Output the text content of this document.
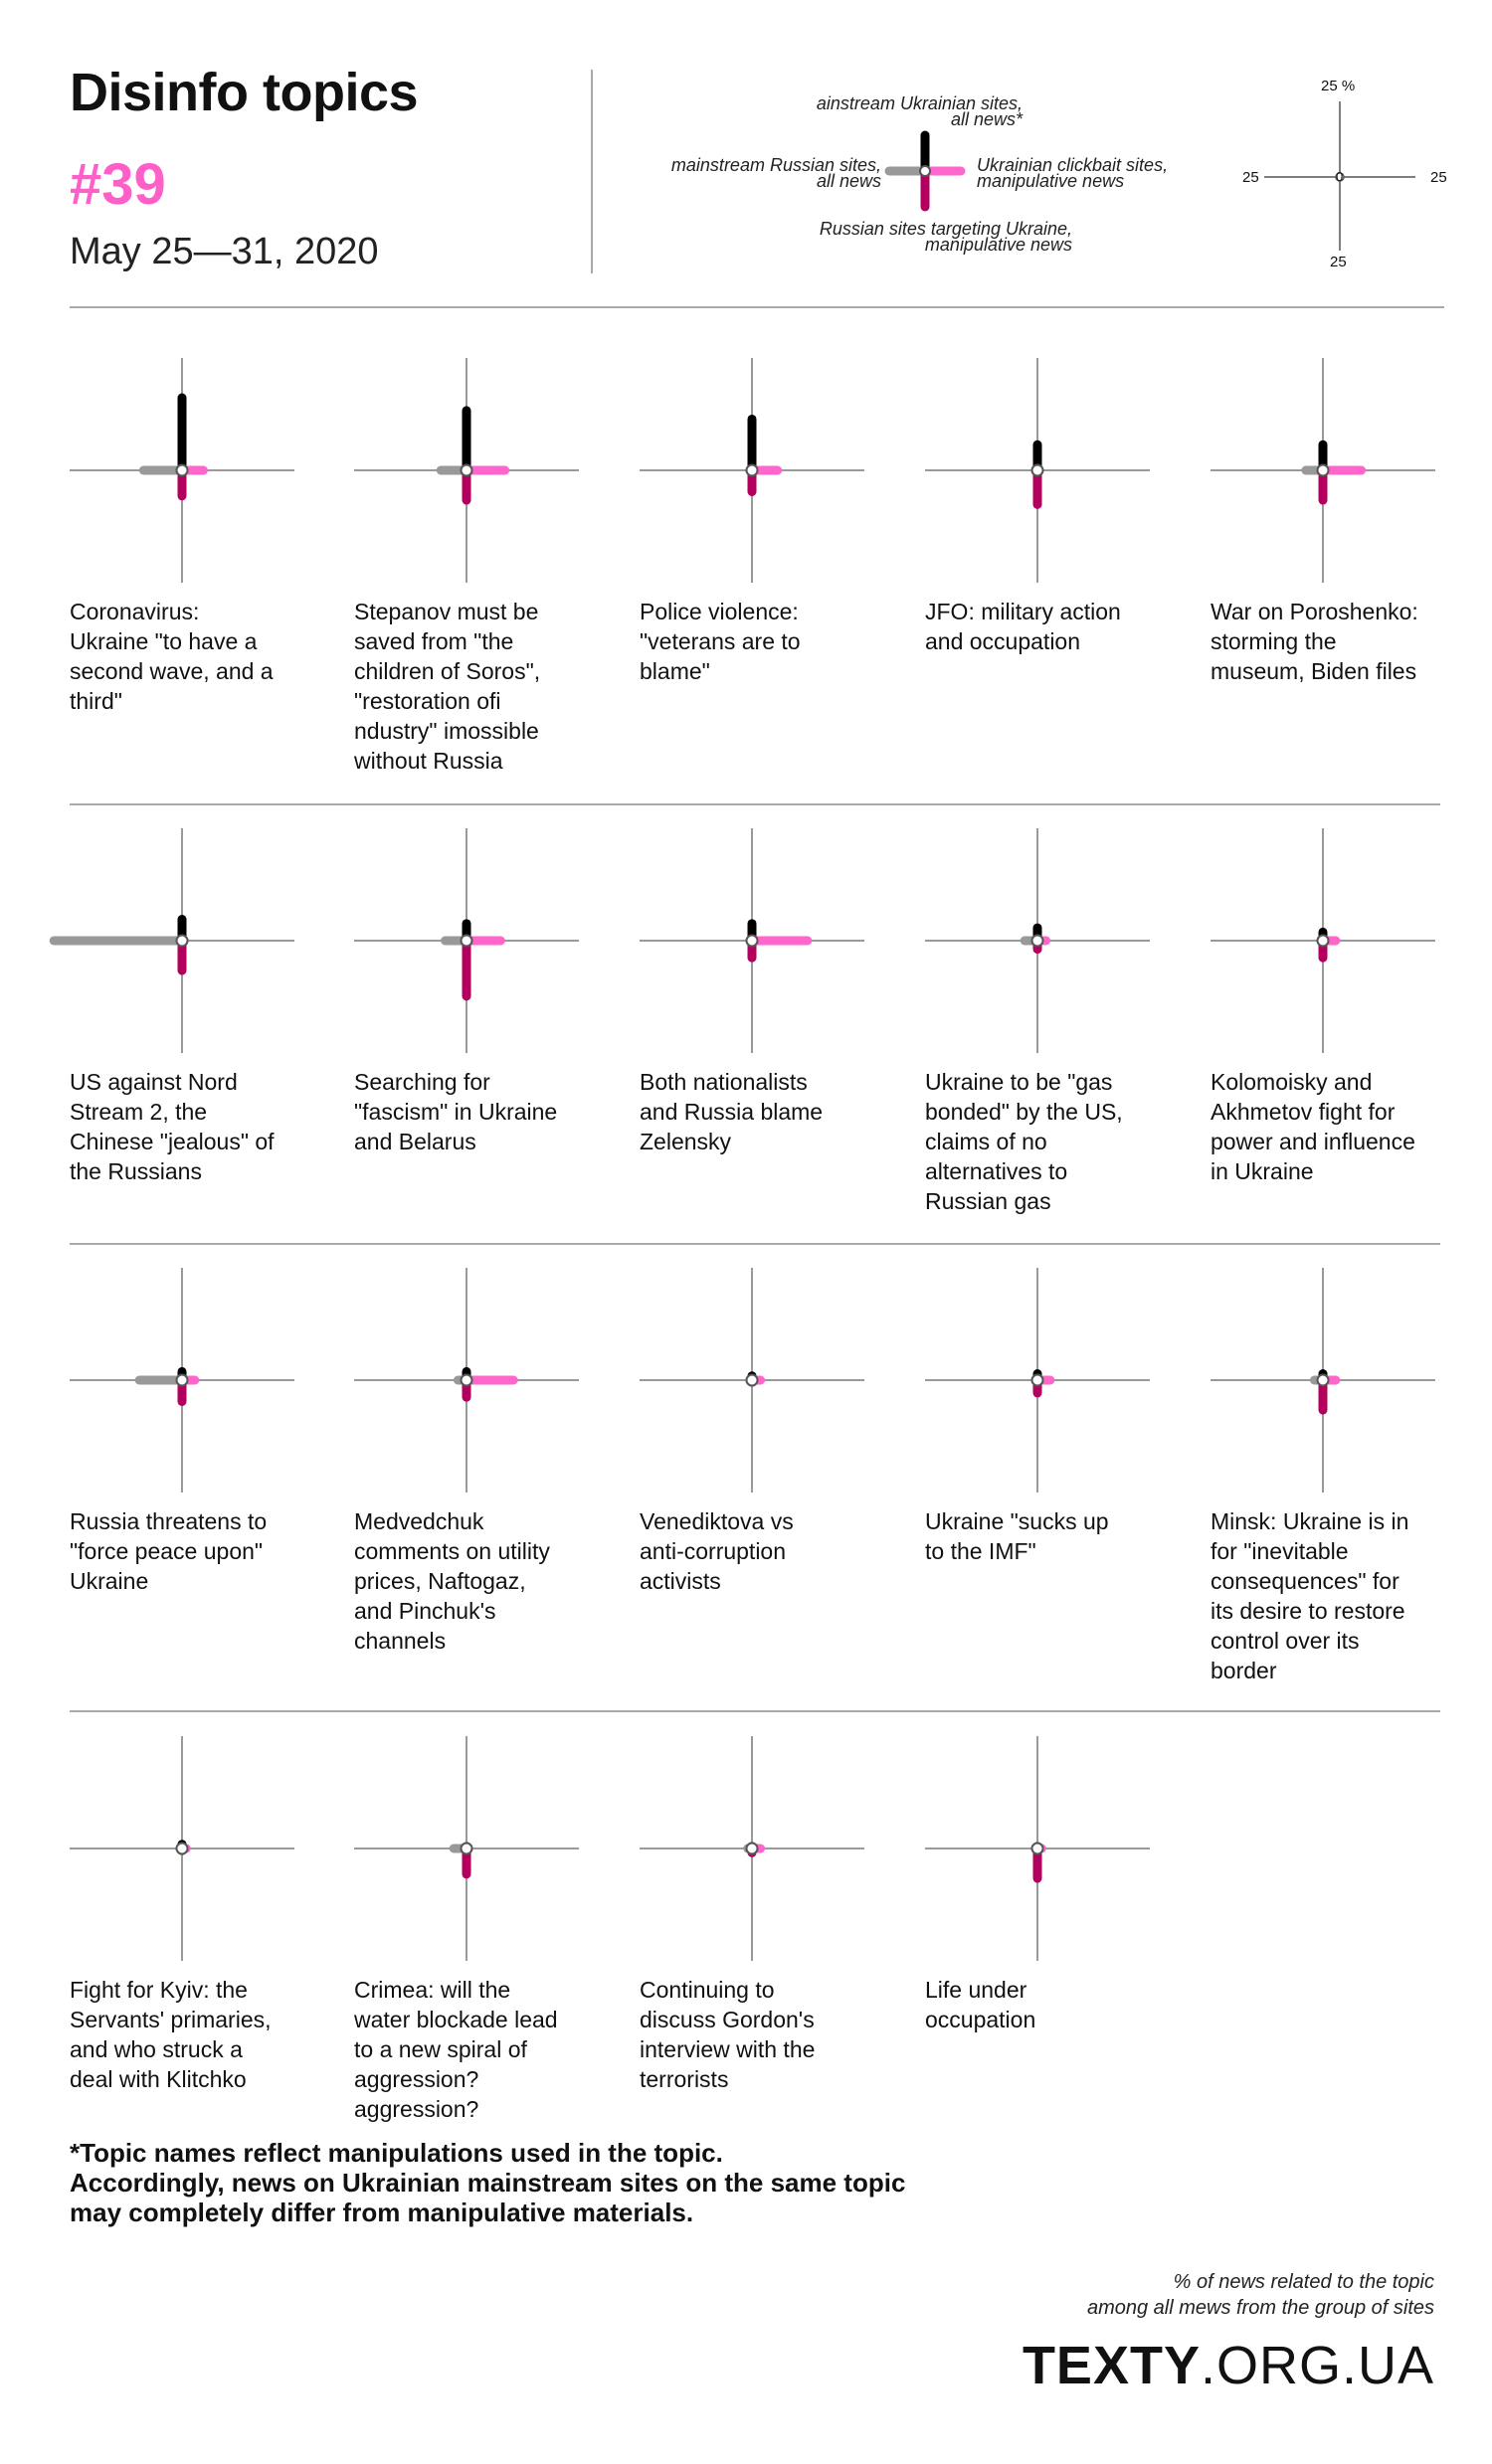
Disinfo topics
#39
May 25—31, 2020
ainstream Ukrainian sites,
all news*
mainstream Russian sites,
all news
Ukrainian clickbait sites,
manipulative news
Russian sites targeting Ukraine,
manipulative news
25 %
25	25
25
0
Coronavirus:
Ukraine "to have a
second wave, and a
third"
Stepanov must be
saved from "the
children of Soros",
"restoration ofi
ndustry" imossible
without Russia
Police violence:
"veterans are to
blame"
JFO: military action
and occupation
War on Poroshenko:
storming the
museum, Biden files
US against Nord
Stream 2, the
Chinese "jealous" of
the Russians
Searching for
"fascism" in Ukraine
and Belarus
Both nationalists
and Russia blame
Zelensky
Ukraine to be "gas
bonded" by the US,
claims of no
alternatives to
Russian gas
Kolomoisky and
Akhmetov fight for
power and influence
in Ukraine
Russia threatens to
"force peace upon"
Ukraine
Medvedchuk
comments on utility
prices, Naftogaz,
and Pinchuk's
channels
Venediktova vs
anti-corruption
activists
Ukraine "sucks up
to the IMF"
Minsk: Ukraine is in
for "inevitable
consequences" for
its desire to restore
control over its
border
Fight for Kyiv: the
Servants' primaries,
and who struck a
deal with Klitchko
Crimea: will the
water blockade lead
to a new spiral of aggression?
aggression?
Continuing to
discuss Gordon's
interview with the
terrorists
Life under
occupation
*Topic names reflect manipulations used in the topic.
Accordingly, news on Ukrainian mainstream sites on the same topic
may completely differ from manipulative materials.
% of news related to the topic
among all mews from the group of sites
TEXTY.ORG.UA
